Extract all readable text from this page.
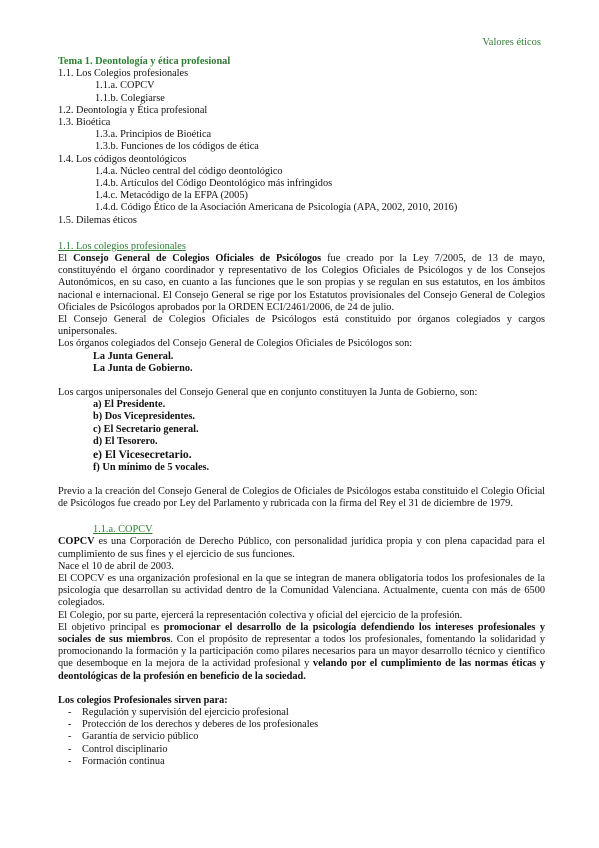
Valores éticos
Tema 1. Deontología y ética profesional
1.1. Los Colegios profesionales
1.1.a. COPCV
1.1.b. Colegiarse
1.2. Deontología y Ética profesional
1.3. Bioética
1.3.a. Principios de Bioética
1.3.b. Funciones de los códigos de ética
1.4. Los códigos deontológicos
1.4.a. Núcleo central del código deontológico
1.4.b. Artículos del Código Deontológico más infringidos
1.4.c. Metacódigo de la EFPA (2005)
1.4.d. Código Ético de la Asociación Americana de Psicología (APA, 2002, 2010, 2016)
1.5. Dilemas éticos
1.1. Los colegios profesionales

El Consejo General de Colegios Oficiales de Psicólogos fue creado por la Ley 7/2005, de 13 de mayo, constituyéndo el órgano coordinador y representativo de los Colegios Oficiales de Psicólogos y de los Consejos Autonómicos, en su caso, en cuanto a las funciones que le son propias y se regulan en sus estatutos, en los ámbitos nacional e internacional. El Consejo General se rige por los Estatutos provisionales del Consejo General de Colegios Oficiales de Psicólogos aprobados por la ORDEN ECI/2461/2006, de 24 de julio.

El Consejo General de Colegios Oficiales de Psicólogos está constituido por órganos colegiados y cargos unipersonales.

Los órganos colegiados del Consejo General de Colegios Oficiales de Psicólogos son:

La Junta General.
La Junta de Gobierno.

Los cargos unipersonales del Consejo General que en conjunto constituyen la Junta de Gobierno, son:

a) El Presidente.
b) Dos Vicepresidentes.
c) El Secretario general.
d) El Tesorero.
e) El Vicesecretario.
f) Un mínimo de 5 vocales.

Previo a la creación del Consejo General de Colegios de Oficiales de Psicólogos estaba constituido el Colegio Oficial de Psicólogos fue creado por Ley del Parlamento y rubricada con la firma del Rey el 31 de diciembre de 1979.

1.1.a. COPCV

COPCV es una Corporación de Derecho Público, con personalidad jurídica propia y con plena capacidad para el cumplimiento de sus fines y el ejercicio de sus funciones.

Nace el 10 de abril de 2003.

El COPCV es una organización profesional en la que se integran de manera obligatoria todos los profesionales de la psicología que desarrollan su actividad dentro de la Comunidad Valenciana. Actualmente, cuenta con más de 6500 colegiados.

El Colegio, por su parte, ejercerá la representación colectiva y oficial del ejercicio de la profesión.

El objetivo principal es promocionar el desarrollo de la psicología defendiendo los intereses profesionales y sociales de sus miembros. Con el propósito de representar a todos los profesionales, fomentando la solidaridad y promocionando la formación y la participación como pilares necesarios para un mayor desarrollo técnico y científico que desemboque en la mejora de la actividad profesional y velando por el cumplimiento de las normas éticas y deontológicas de la profesión en beneficio de la sociedad.

Los colegios Profesionales sirven para:

- Regulación y supervisión del ejercicio profesional
- Protección de los derechos y deberes de los profesionales
- Garantía de servicio público
- Control disciplinario
- Formación continua
